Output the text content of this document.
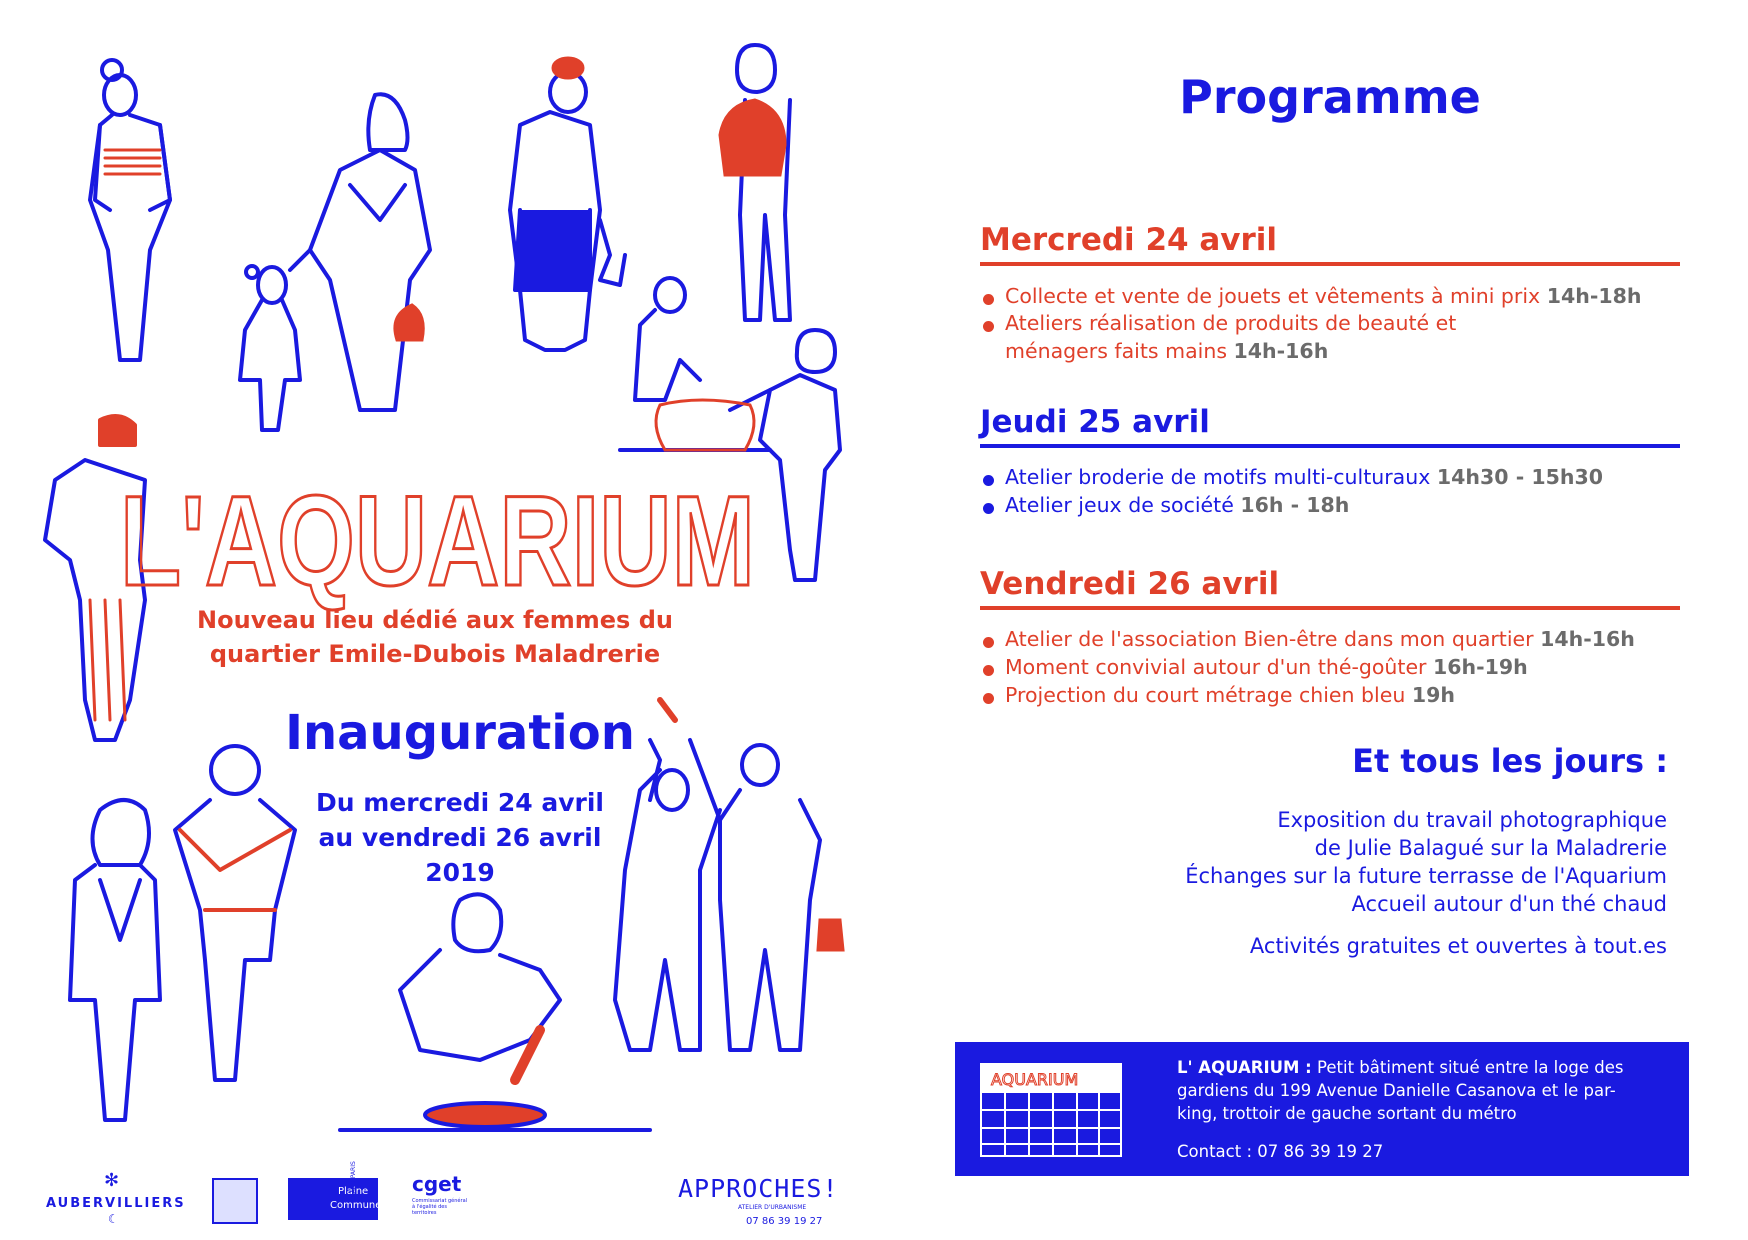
L'AQUARIUM
Nouveau lieu dédié aux femmes du
quartier Emile-Dubois Maladrerie
Inauguration
Du mercredi 24 avril
au vendredi 26 avril
2019
✻
AUBERVILLIERS
☾
Plaine
Commune
GRAND PARIS	cget
Commissariat général à l'égalité des territoires
APPROCHES!
ATELIER D'URBANISME
07 86 39 19 27
Programme
Mercredi 24 avril
Collecte et vente de jouets et vêtements à mini prix 14h-18h
Ateliers réalisation de produits de beauté et
ménagers faits mains 14h-16h
Jeudi 25 avril
Atelier broderie de motifs multi-culturaux 14h30 - 15h30
Atelier jeux de société 16h - 18h
Vendredi 26 avril
Atelier de l'association Bien-être dans mon quartier 14h-16h
Moment convivial autour d'un thé-goûter 16h-19h
Projection du court métrage chien bleu 19h
Et tous les jours :
Exposition du travail photographique
de Julie Balagué sur la Maladrerie
Échanges sur la future terrasse de l'Aquarium
Accueil autour d'un thé chaud
Activités gratuites et ouvertes à tout.es
AQUARIUM
L' AQUARIUM : Petit bâtiment situé entre la loge des
gardiens du 199 Avenue Danielle Casanova et le par-
king, trottoir de gauche sortant du métro
Contact : 07 86 39 19 27
